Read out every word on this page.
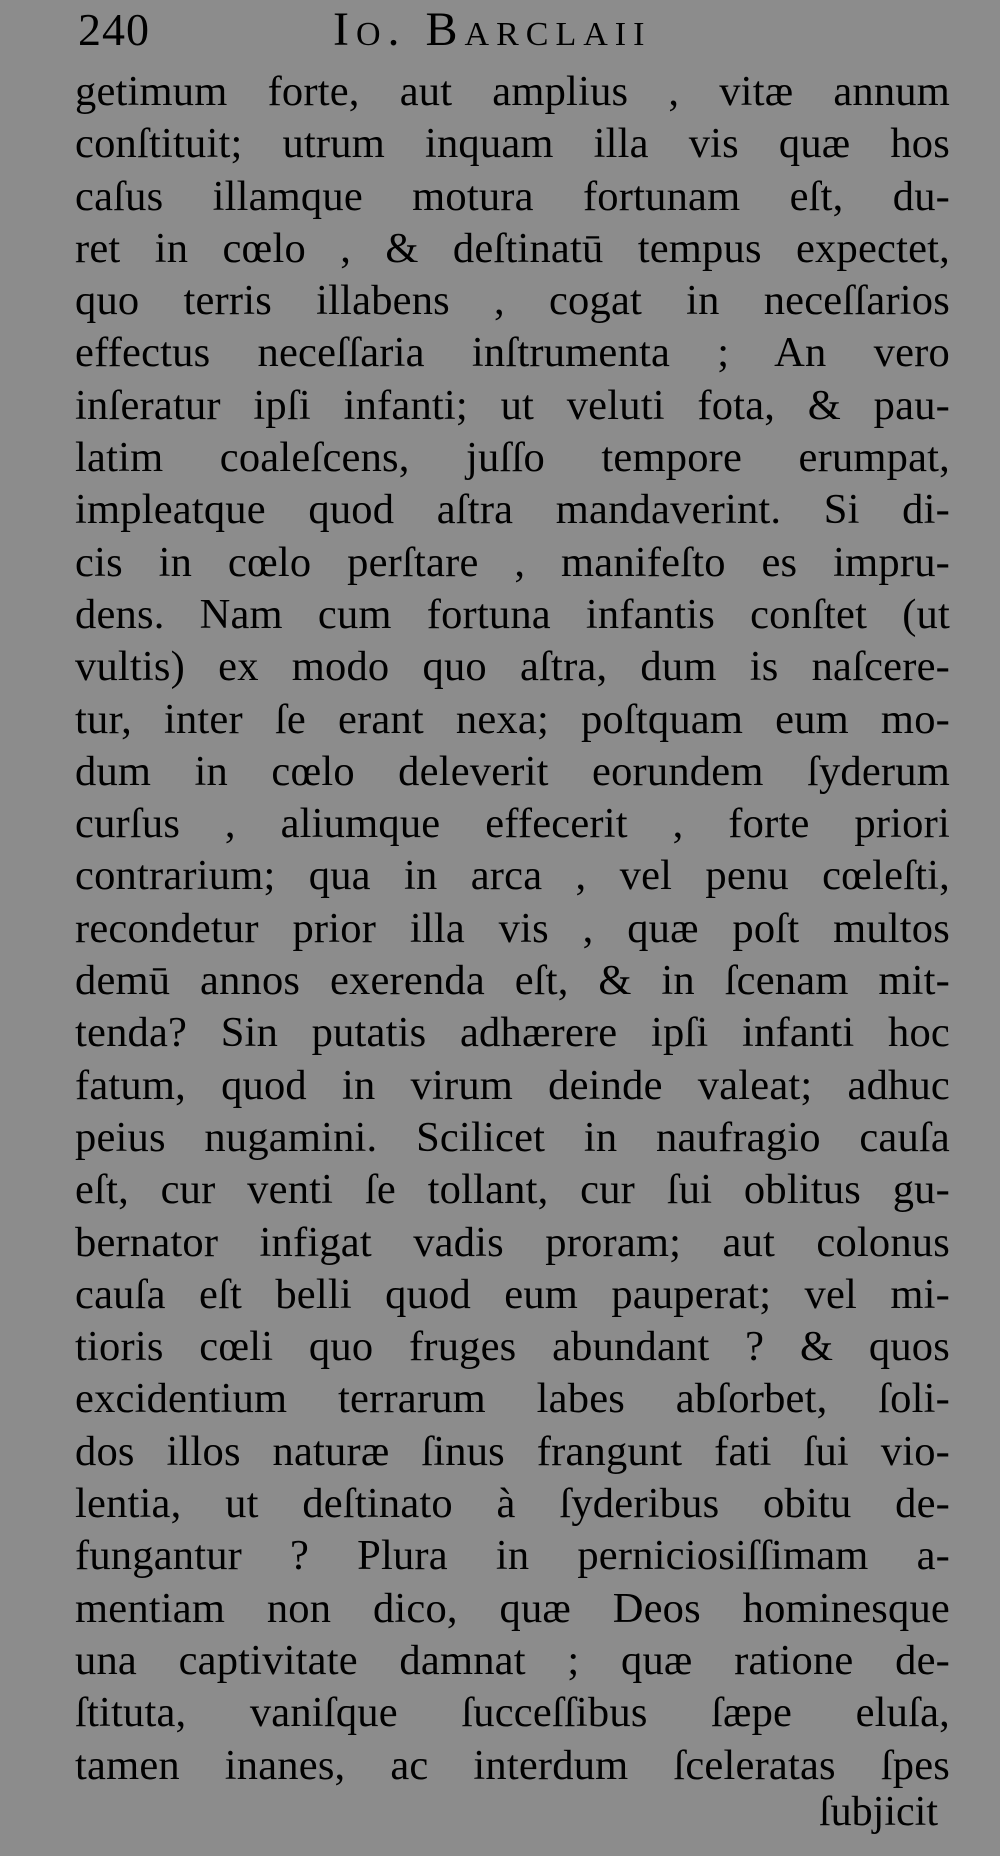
240	Io. Barclaii
getimum forte, aut amplius , vitæ annum
conſtituit; utrum inquam illa vis quæ hos
caſus illamque motura fortunam eſt, du-
ret in cœlo , & deſtinatū tempus expectet,
quo terris illabens , cogat in neceſſarios
effectus neceſſaria inſtrumenta ; An vero
inſeratur ipſi infanti; ut veluti fota, & pau-
latim coaleſcens, juſſo tempore erumpat,
impleatque quod aſtra mandaverint. Si di-
cis in cœlo perſtare , manifeſto es impru-
dens. Nam cum fortuna infantis conſtet (ut
vultis) ex modo quo aſtra, dum is naſcere-
tur, inter ſe erant nexa; poſtquam eum mo-
dum in cœlo deleverit eorundem ſyderum
curſus , aliumque effecerit , forte priori
contrarium; qua in arca , vel penu cœleſti,
recondetur prior illa vis , quæ poſt multos
demū annos exerenda eſt, & in ſcenam mit-
tenda? Sin putatis adhærere ipſi infanti hoc
fatum, quod in virum deinde valeat; adhuc
peius nugamini. Scilicet in naufragio cauſa
eſt, cur venti ſe tollant, cur ſui oblitus gu-
bernator infigat vadis proram; aut colonus
cauſa eſt belli quod eum pauperat; vel mi-
tioris cœli quo fruges abundant ? & quos
excidentium terrarum labes abſorbet, ſoli-
dos illos naturæ ſinus frangunt fati ſui vio-
lentia, ut deſtinato à ſyderibus obitu de-
fungantur ? Plura in perniciosiſſimam a-
mentiam non dico, quæ Deos hominesque
una captivitate damnat ; quæ ratione de-
ſtituta, vaniſque ſucceſſibus ſæpe eluſa,
tamen inanes, ac interdum ſceleratas ſpes
ſubjicit
